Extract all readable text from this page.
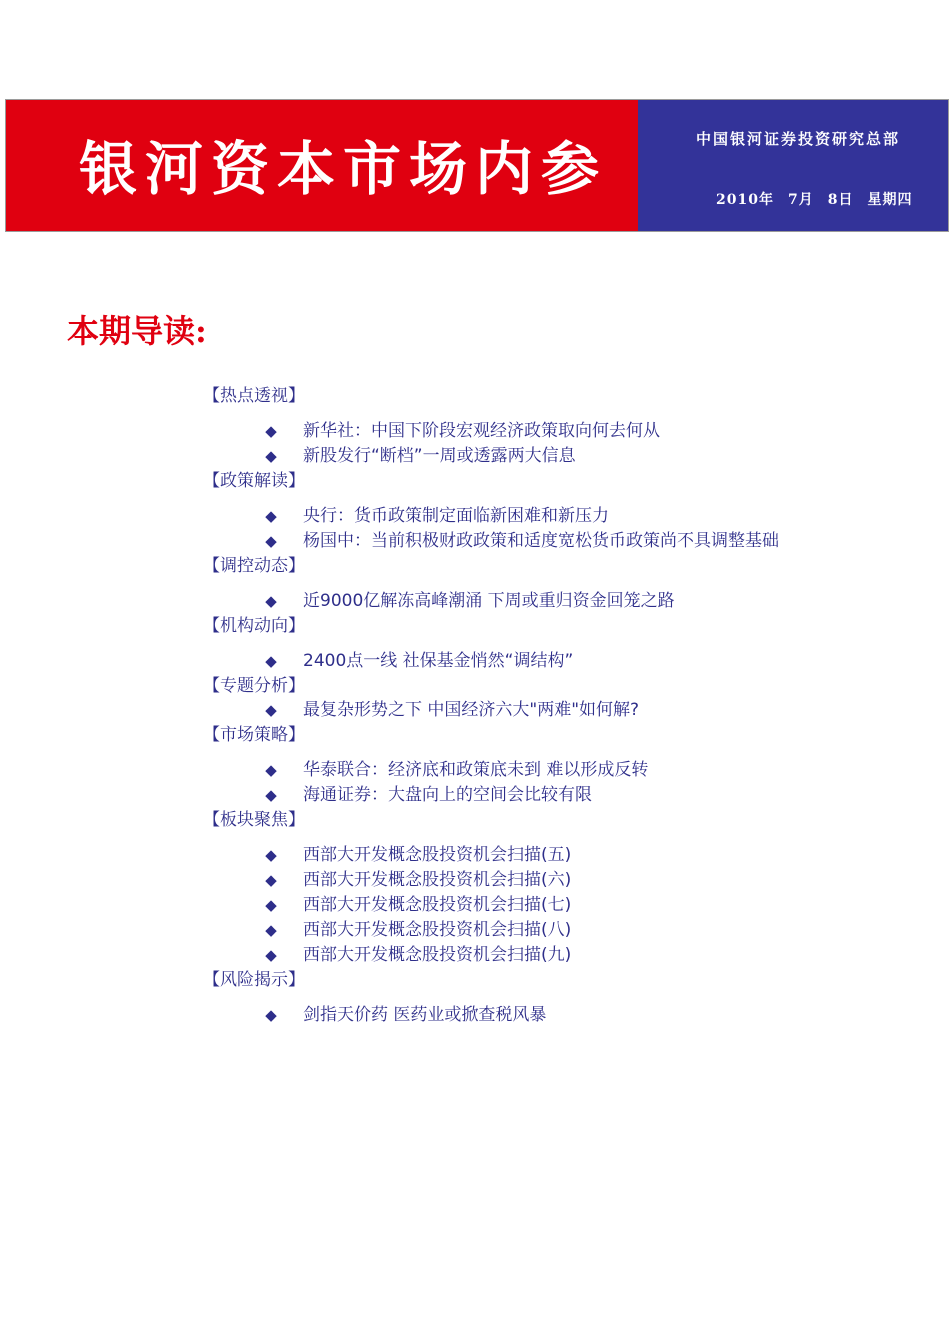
银河资本市场内参	中国银河证券投资研究总部
2010年 7月 8日 星期四
本期导读:
【热点透视】
◆	新华社：中国下阶段宏观经济政策取向何去何从
◆	新股发行“断档”一周或透露两大信息
【政策解读】
◆	央行：货币政策制定面临新困难和新压力
◆	杨国中：当前积极财政政策和适度宽松货币政策尚不具调整基础
【调控动态】
◆	近9000亿解冻高峰潮涌 下周或重归资金回笼之路
【机构动向】
◆	2400点一线 社保基金悄然“调结构”
【专题分析】
◆	最复杂形势之下 中国经济六大"两难"如何解?
【市场策略】
◆	华泰联合：经济底和政策底未到 难以形成反转
◆	海通证券：大盘向上的空间会比较有限
【板块聚焦】
◆	西部大开发概念股投资机会扫描(五)
◆	西部大开发概念股投资机会扫描(六)
◆	西部大开发概念股投资机会扫描(七)
◆	西部大开发概念股投资机会扫描(八)
◆	西部大开发概念股投资机会扫描(九)
【风险揭示】
◆	剑指天价药 医药业或掀查税风暴
